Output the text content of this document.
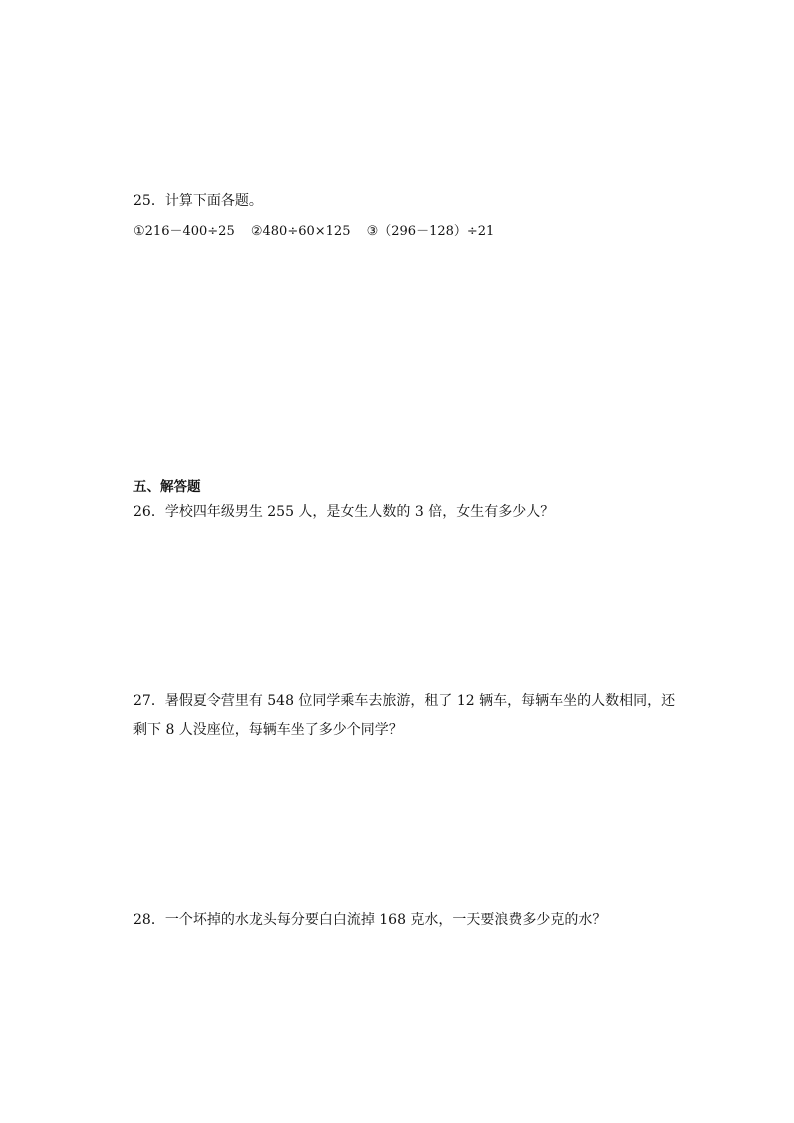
25．计算下面各题。
①216－400÷25 ②480÷60×125 ③（296－128）÷21
五、解答题
26．学校四年级男生 255 人，是女生人数的 3 倍，女生有多少人？
27．暑假夏令营里有 548 位同学乘车去旅游，租了 12 辆车，每辆车坐的人数相同，还
剩下 8 人没座位，每辆车坐了多少个同学？
28．一个坏掉的水龙头每分要白白流掉 168 克水，一天要浪费多少克的水？
